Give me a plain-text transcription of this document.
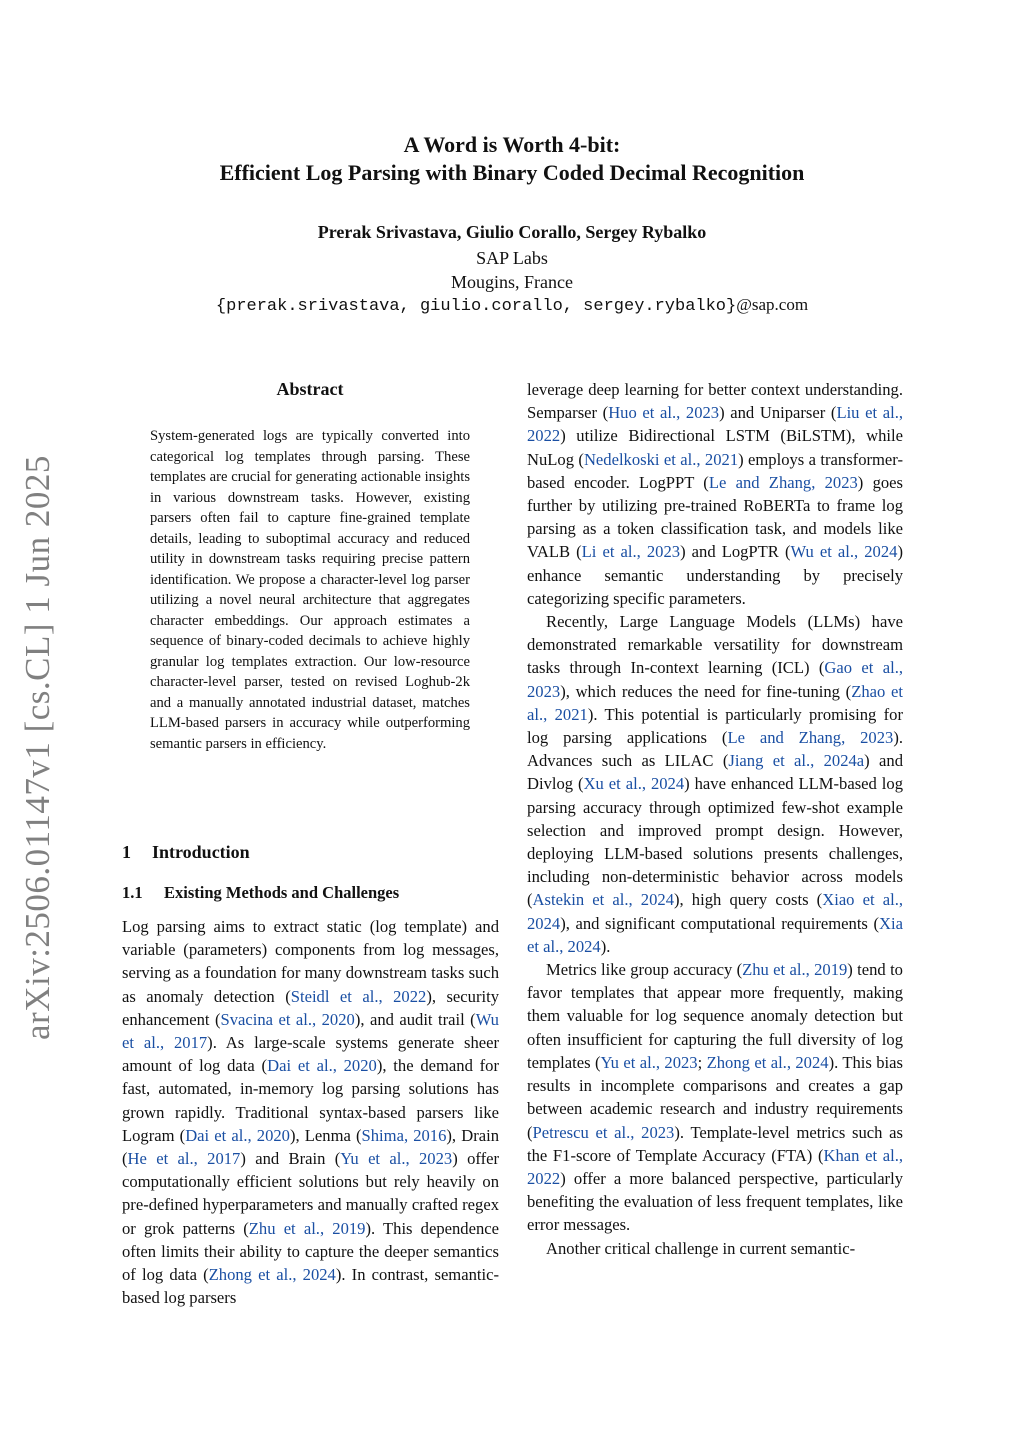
A Word is Worth 4-bit:
Efficient Log Parsing with Binary Coded Decimal Recognition
Prerak Srivastava, Giulio Corallo, Sergey Rybalko
SAP Labs
Mougins, France
{prerak.srivastava, giulio.corallo, sergey.rybalko}@sap.com
arXiv:2506.01147v1 [cs.CL] 1 Jun 2025
Abstract
System-generated logs are typically converted into categorical log templates through parsing. These templates are crucial for generating actionable insights in various downstream tasks. However, existing parsers often fail to capture fine-grained template details, leading to suboptimal accuracy and reduced utility in downstream tasks requiring precise pattern identification. We propose a character-level log parser utilizing a novel neural architecture that aggregates character embeddings. Our approach estimates a sequence of binary-coded decimals to achieve highly granular log templates extraction. Our low-resource character-level parser, tested on revised Loghub-2k and a manually annotated industrial dataset, matches LLM-based parsers in accuracy while outperforming semantic parsers in efficiency.
1 Introduction
1.1 Existing Methods and Challenges

Log parsing aims to extract static (log template) and variable (parameters) components from log messages, serving as a foundation for many downstream tasks such as anomaly detection (Steidl et al., 2022), security enhancement (Svacina et al., 2020), and audit trail (Wu et al., 2017). As large-scale systems generate sheer amount of log data (Dai et al., 2020), the demand for fast, automated, in-memory log parsing solutions has grown rapidly. Traditional syntax-based parsers like Logram (Dai et al., 2020), Lenma (Shima, 2016), Drain (He et al., 2017) and Brain (Yu et al., 2023) offer computationally efficient solutions but rely heavily on pre-defined hyperparameters and manually crafted regex or grok patterns (Zhu et al., 2019). This dependence often limits their ability to capture the deeper semantics of log data (Zhong et al., 2024). In contrast, semantic-based log parsers

leverage deep learning for better context understanding. Semparser (Huo et al., 2023) and Uniparser (Liu et al., 2022) utilize Bidirectional LSTM (BiLSTM), while NuLog (Nedelkoski et al., 2021) employs a transformer-based encoder. LogPPT (Le and Zhang, 2023) goes further by utilizing pre-trained RoBERTa to frame log parsing as a token classification task, and models like VALB (Li et al., 2023) and LogPTR (Wu et al., 2024) enhance semantic understanding by precisely categorizing specific parameters.

Recently, Large Language Models (LLMs) have demonstrated remarkable versatility for downstream tasks through In-context learning (ICL) (Gao et al., 2023), which reduces the need for fine-tuning (Zhao et al., 2021). This potential is particularly promising for log parsing applications (Le and Zhang, 2023). Advances such as LILAC (Jiang et al., 2024a) and Divlog (Xu et al., 2024) have enhanced LLM-based log parsing accuracy through optimized few-shot example selection and improved prompt design. However, deploying LLM-based solutions presents challenges, including non-deterministic behavior across models (Astekin et al., 2024), high query costs (Xiao et al., 2024), and significant computational requirements (Xia et al., 2024).

Metrics like group accuracy (Zhu et al., 2019) tend to favor templates that appear more frequently, making them valuable for log sequence anomaly detection but often insufficient for capturing the full diversity of log templates (Yu et al., 2023; Zhong et al., 2024). This bias results in incomplete comparisons and creates a gap between academic research and industry requirements (Petrescu et al., 2023). Template-level metrics such as the F1-score of Template Accuracy (FTA) (Khan et al., 2022) offer a more balanced perspective, particularly benefiting the evaluation of less frequent templates, like error messages.

Another critical challenge in current semantic-
